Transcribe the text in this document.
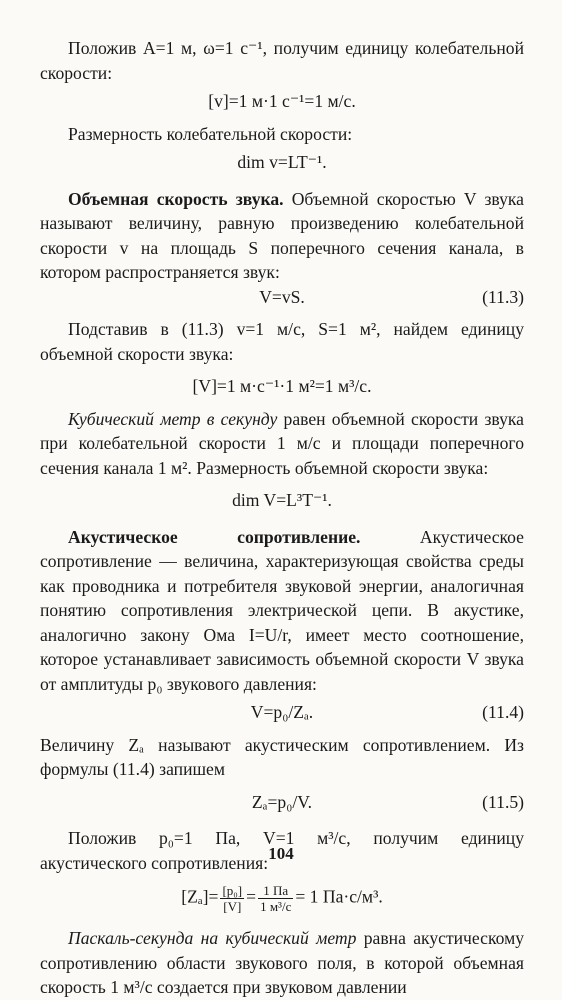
Положив A=1 м, ω=1 с⁻¹, получим единицу колебательной скорости:

[v]=1 м·1 с⁻¹=1 м/с.

Размерность колебательной скорости:

dim v=LT⁻¹.

Объемная скорость звука. Объемной скоростью V звука называют величину, равную произведению колебательной скорости v на площадь S поперечного сечения канала, в котором распространяется звук:

V=vS.	(11.3)

Подставив в (11.3) v=1 м/с, S=1 м², найдем единицу объемной скорости звука:

[V]=1 м·с⁻¹·1 м²=1 м³/с.

Кубический метр в секунду равен объемной скорости звука при колебательной скорости 1 м/с и площади поперечного сечения канала 1 м². Размерность объемной скорости звука:

dim V=L³T⁻¹.

Акустическое сопротивление. Акустическое сопротивление — величина, характеризующая свойства среды как проводника и потребителя звуковой энергии, аналогичная понятию сопротивления электрической цепи. В акустике, аналогично закону Ома I=U/r, имеет место соотношение, которое устанавливает зависимость объемной скорости V звука от амплитуды p₀ звукового давления:

V=p₀/Zₐ.	(11.4)

Величину Zₐ называют акустическим сопротивлением. Из формулы (11.4) запишем

Zₐ=p₀/V.	(11.5)

Положив p₀=1 Па, V=1 м³/с, получим единицу акустического сопротивления:

$[Z_a]= \frac{\text{[p₀]}}{[V]} = \frac{1 Па}{\text{1 м³/с}} = 1$ Па·с/м³.

Паскаль-секунда на кубический метр равна акустическому сопротивлению области звукового поля, в которой объемная скорость 1 м³/с создается при звуковом давлении

104
